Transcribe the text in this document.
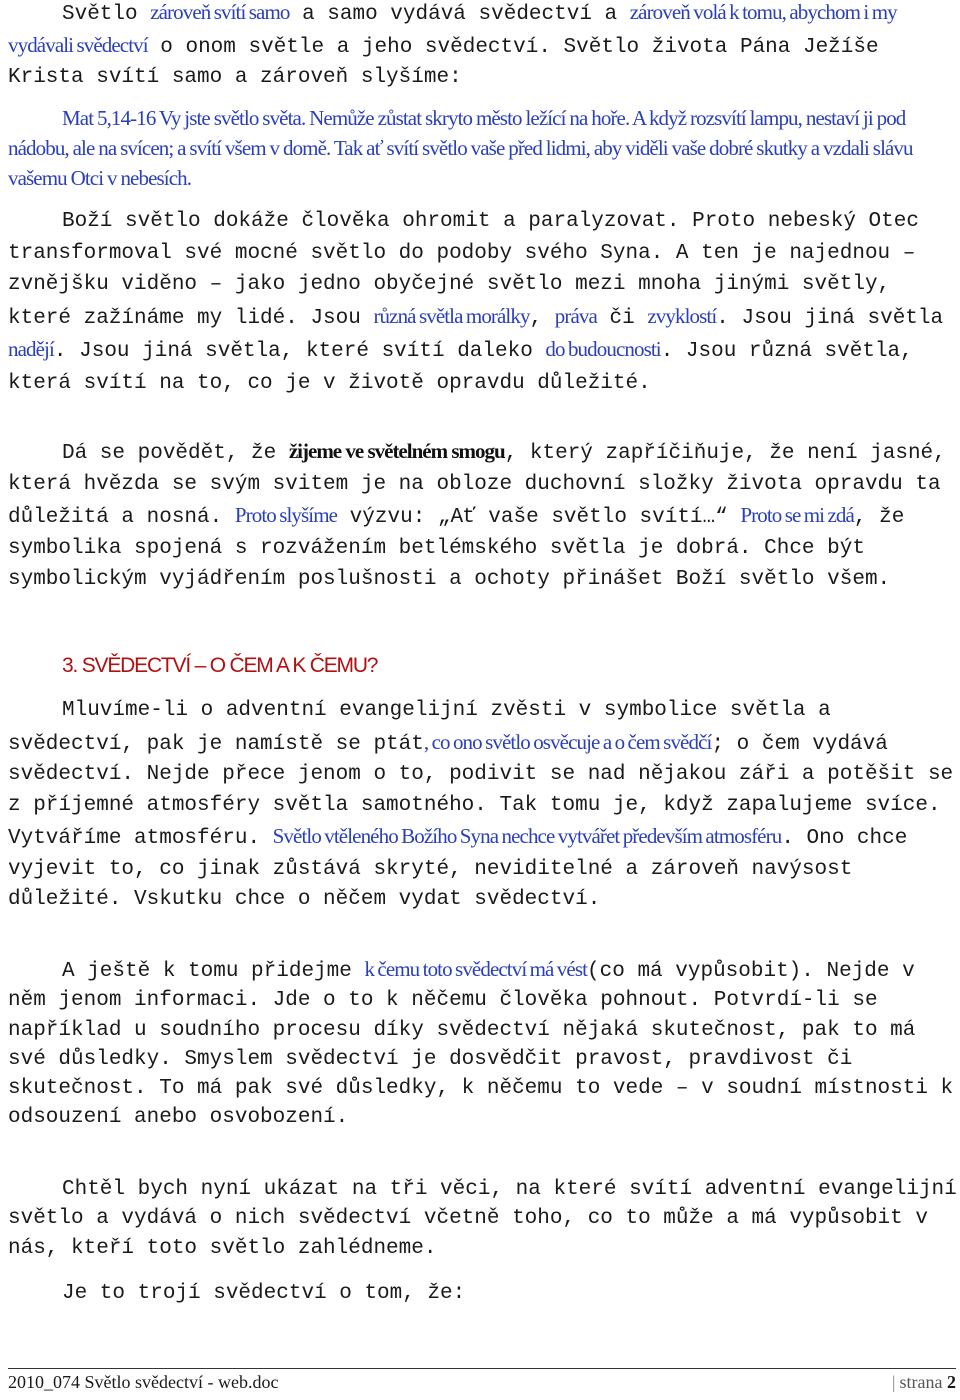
Světlo zároveň svítí samo a samo vydává svědectví a zároveň volá k tomu, abychom i my vydávali svědectví o onom světle a jeho svědectví. Světlo života Pána Ježíše Krista svítí samo a zároveň slyšíme:

Mat 5,14-16 Vy jste světlo světa. Nemůže zůstat skryto město ležící na hoře. A když rozsvítí lampu, nestaví ji pod nádobu, ale na svícen; a svítí všem v domě. Tak ať svítí světlo vaše před lidmi, aby viděli vaše dobré skutky a vzdali slávu vašemu Otci v nebesích.

Boží světlo dokáže člověka ohromit a paralyzovat. Proto nebeský Otec transformoval své mocné světlo do podoby svého Syna. A ten je najednou – zvnějšku viděno – jako jedno obyčejné světlo mezi mnoha jinými světly, které zažínáme my lidé. Jsou různá světla morálky, práva či zvyklostí. Jsou jiná světla nadějí. Jsou jiná světla, které svítí daleko do budoucnosti. Jsou různá světla, která svítí na to, co je v životě opravdu důležité.

Dá se povědět, že žijeme ve světelném smogu, který zapříčiňuje, že není jasné, která hvězda se svým svitem je na obloze duchovní složky života opravdu ta důležitá a nosná. Proto slyšíme výzvu: „Ať vaše světlo svítí…“ Proto se mi zdá, že symbolika spojená s rozvážením betlémského světla je dobrá. Chce být symbolickým vyjádřením poslušnosti a ochoty přinášet Boží světlo všem.

3. SVĚDECTVÍ – O ČEM A K ČEMU?

Mluvíme-li o adventní evangelijní zvěsti v symbolice světla a svědectví, pak je namístě se ptát, co ono světlo osvěcuje a o čem svědčí; o čem vydává svědectví. Nejde přece jenom o to, podivit se nad nějakou záři a potěšit se z příjemné atmosféry světla samotného. Tak tomu je, když zapalujeme svíce. Vytváříme atmosféru. Světlo vtěleného Božího Syna nechce vytvářet především atmosféru. Ono chce vyjevit to, co jinak zůstává skryté, neviditelné a zároveň navýsost důležité. Vskutku chce o něčem vydat svědectví.

A ještě k tomu přidejme k čemu toto svědectví má vést(co má vypůsobit). Nejde v něm jenom informaci. Jde o to k něčemu člověka pohnout. Potvrdí-li se například u soudního procesu díky svědectví nějaká skutečnost, pak to má své důsledky. Smyslem svědectví je dosvědčit pravost, pravdivost či skutečnost. To má pak své důsledky, k něčemu to vede – v soudní místnosti k odsouzení anebo osvobození.

Chtěl bych nyní ukázat na tři věci, na které svítí adventní evangelijní světlo a vydává o nich svědectví včetně toho, co to může a má vypůsobit v nás, kteří toto světlo zahlédneme.

Je to trojí svědectví o tom, že:

2010_074 Světlo svědectví - web.doc	| strana 2
